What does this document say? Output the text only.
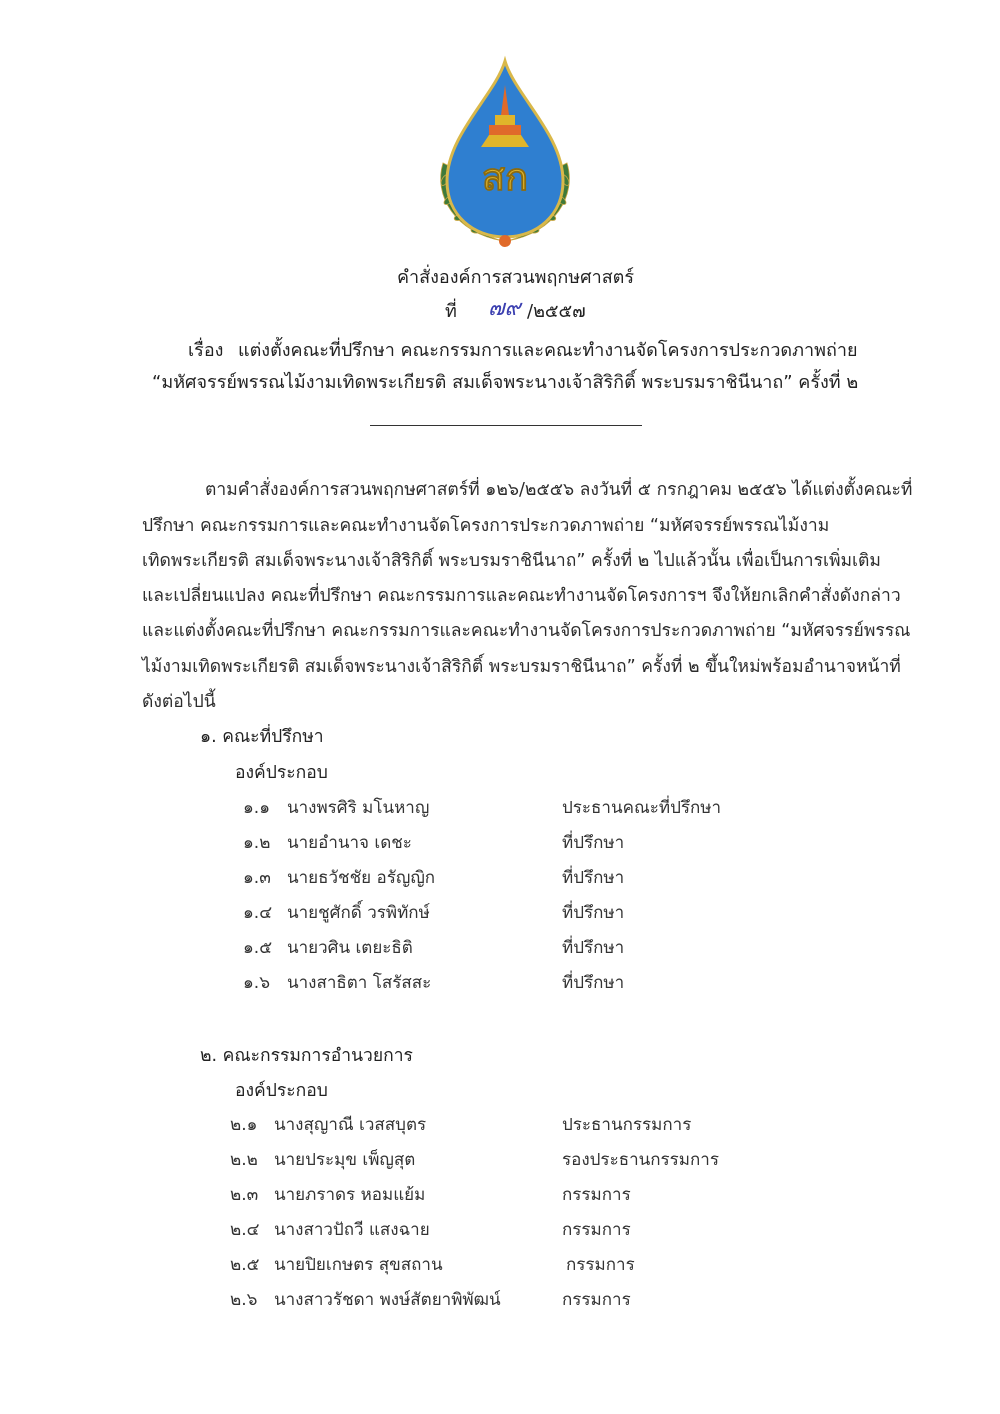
สก
คำสั่งองค์การสวนพฤกษศาสตร์
ที่ ๗๙ /๒๕๕๗
เรื่อง แต่งตั้งคณะที่ปรึกษา คณะกรรมการและคณะทำงานจัดโครงการประกวดภาพถ่าย
“มหัศจรรย์พรรณไม้งามเทิดพระเกียรติ สมเด็จพระนางเจ้าสิริกิติ์ พระบรมราชินีนาถ” ครั้งที่ ๒
ตามคำสั่งองค์การสวนพฤกษศาสตร์ที่ ๑๒๖/๒๕๕๖ ลงวันที่ ๕ กรกฎาคม ๒๕๕๖ ได้แต่งตั้งคณะที่
ปรึกษา คณะกรรมการและคณะทำงานจัดโครงการประกวดภาพถ่าย “มหัศจรรย์พรรณไม้งาม
เทิดพระเกียรติ สมเด็จพระนางเจ้าสิริกิติ์ พระบรมราชินีนาถ” ครั้งที่ ๒ ไปแล้วนั้น เพื่อเป็นการเพิ่มเติม
และเปลี่ยนแปลง คณะที่ปรึกษา คณะกรรมการและคณะทำงานจัดโครงการฯ จึงให้ยกเลิกคำสั่งดังกล่าว
และแต่งตั้งคณะที่ปรึกษา คณะกรรมการและคณะทำงานจัดโครงการประกวดภาพถ่าย “มหัศจรรย์พรรณ
ไม้งามเทิดพระเกียรติ สมเด็จพระนางเจ้าสิริกิติ์ พระบรมราชินีนาถ” ครั้งที่ ๒ ขึ้นใหม่พร้อมอำนาจหน้าที่
ดังต่อไปนี้
๑. คณะที่ปรึกษา
องค์ประกอบ
๑.๑ นางพรศิริ มโนหาญ	ประธานคณะที่ปรึกษา
๑.๒ นายอำนาจ เดชะ	ที่ปรึกษา
๑.๓ นายธวัชชัย อรัญญิก	ที่ปรึกษา
๑.๔ นายชูศักดิ์ วรพิทักษ์	ที่ปรึกษา
๑.๕ นายวศิน เตยะธิติ	ที่ปรึกษา
๑.๖ นางสาธิตา โสรัสสะ	ที่ปรึกษา
๒. คณะกรรมการอำนวยการ
องค์ประกอบ
๒.๑ นางสุญาณี เวสสบุตร	ประธานกรรมการ
๒.๒ นายประมุข เพ็ญสุต	รองประธานกรรมการ
๒.๓ นายภราดร หอมแย้ม	กรรมการ
๒.๔ นางสาวปัถวี แสงฉาย	กรรมการ
๒.๕ นายปิยเกษตร สุขสถาน	กรรมการ
๒.๖ นางสาวรัชดา พงษ์สัตยาพิพัฒน์	กรรมการ
